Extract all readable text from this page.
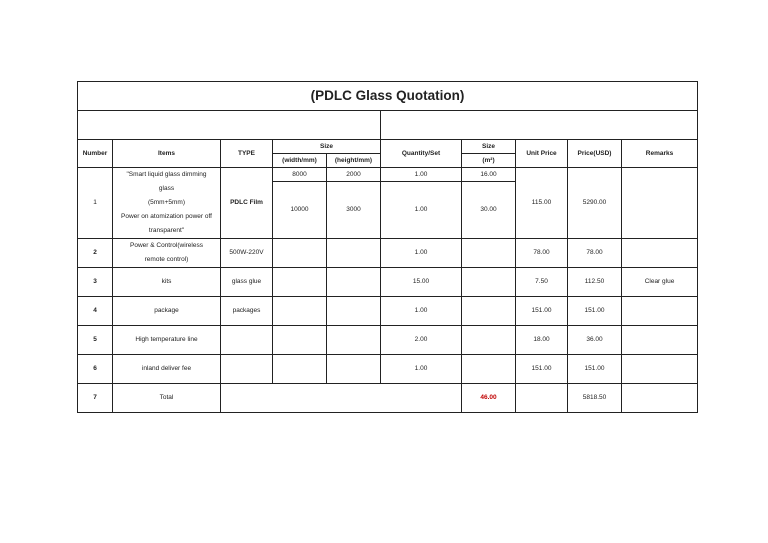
(PDLC Glass Quotation)									

Number	Items	TYPE	Size		Quantity/Set	Size	Unit Price	Price(USD)	Remarks
			(width/mm)	(height/mm)		(m²)			
1	"Smart liquid glass dimming
glass
(5mm+5mm)
Power on atomization power off
transparent"	PDLC Film	8000	2000	1.00	16.00	115.00	5290.00	
			10000	3000	1.00	30.00			
2	Power & Control(wireless
remote control)	500W-220V			1.00		78.00	78.00	
3	kits	glass glue			15.00		7.50	112.50	Clear glue
4	package	packages			1.00		151.00	151.00	
5	High temperature line				2.00		18.00	36.00	
6	inland deliver fee				1.00		151.00	151.00	
7	Total					46.00		5818.50	
